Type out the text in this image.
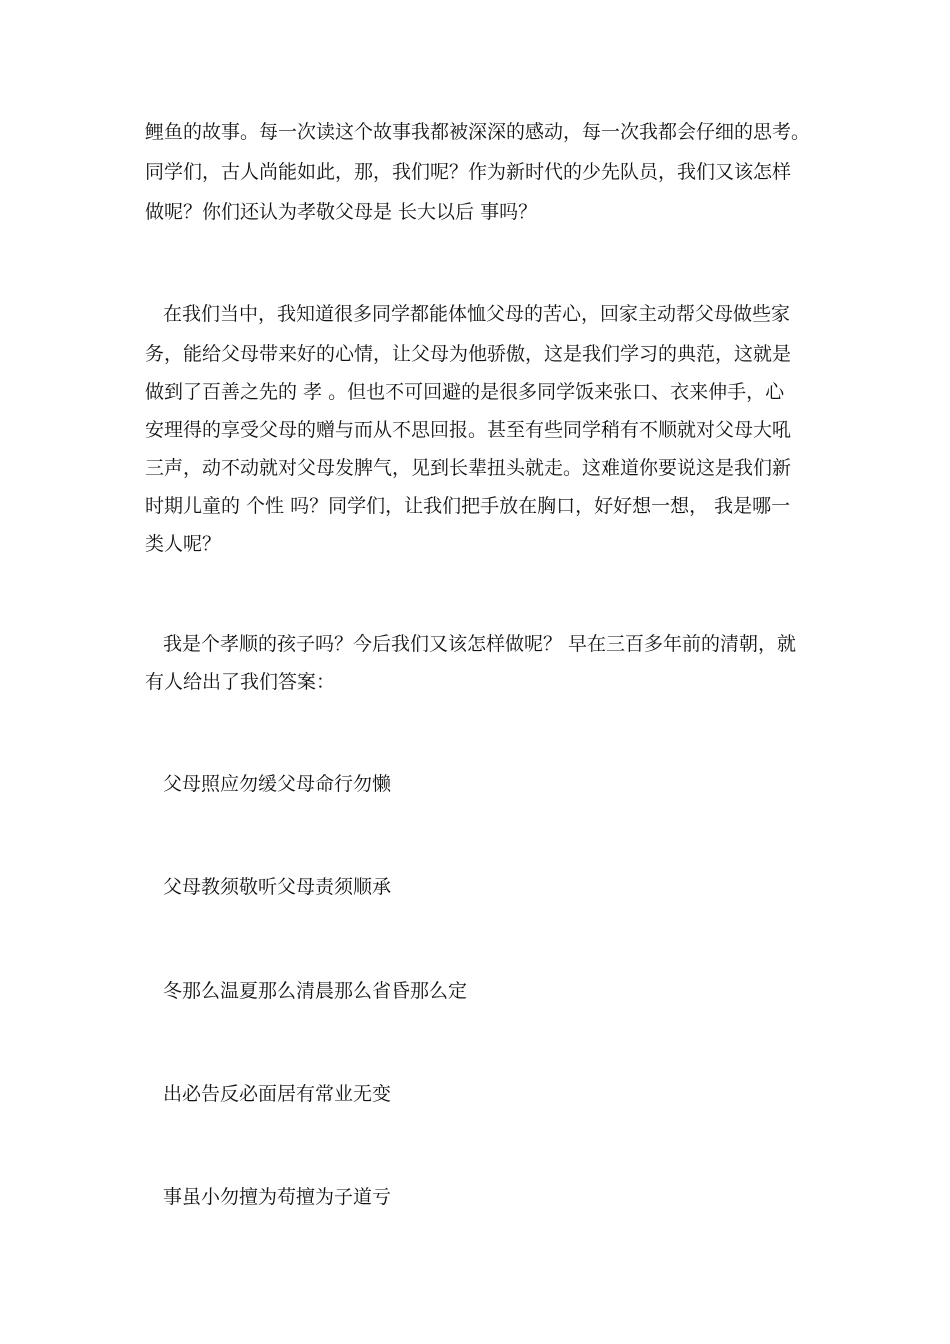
鲤鱼的故事。每一次读这个故事我都被深深的感动，每一次我都会仔细的思考。
同学们，古人尚能如此，那，我们呢？作为新时代的少先队员，我们又该怎样
做呢？你们还认为孝敬父母是 长大以后 事吗？
在我们当中，我知道很多同学都能体恤父母的苦心，回家主动帮父母做些家
务，能给父母带来好的心情，让父母为他骄傲，这是我们学习的典范，这就是
做到了百善之先的 孝 。但也不可回避的是很多同学饭来张口、衣来伸手，心
安理得的享受父母的赠与而从不思回报。甚至有些同学稍有不顺就对父母大吼
三声，动不动就对父母发脾气，见到长辈扭头就走。这难道你要说这是我们新
时期儿童的 个性 吗？同学们，让我们把手放在胸口，好好想一想， 我是哪一
类人呢？
我是个孝顺的孩子吗？今后我们又该怎样做呢？ 早在三百多年前的清朝，就
有人给出了我们答案：
父母照应勿缓父母命行勿懒
父母教须敬听父母责须顺承
冬那么温夏那么清晨那么省昏那么定
出必告反必面居有常业无变
事虽小勿擅为苟擅为子道亏
